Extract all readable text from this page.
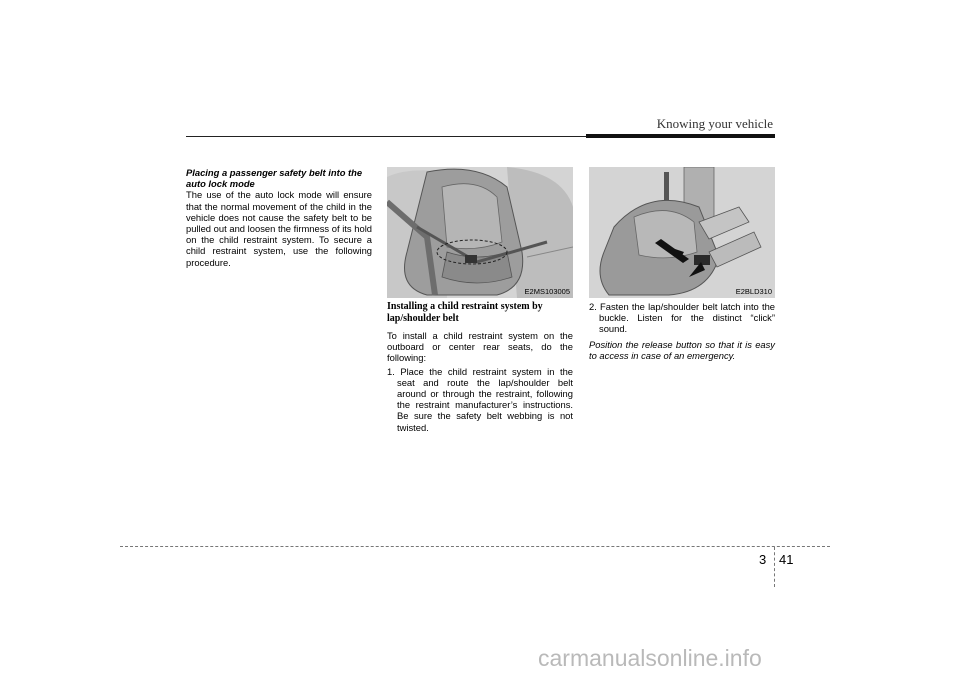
Knowing your vehicle

Placing a passenger safety belt into the auto lock mode

The use of the auto lock mode will ensure that the normal movement of the child in the vehicle does not cause the safety belt to be pulled out and loosen the firmness of its hold on the child restraint system. To secure a child restraint system, use the following procedure.

E2MS103005	E2BLD310

Installing a child restraint system by lap/shoulder belt

To install a child restraint system on the outboard or center rear seats, do the following:

1. Place the child restraint system in the seat and route the lap/shoulder belt around or through the restraint, following the restraint manufacturer’s instructions. Be sure the safety belt webbing is not twisted.

2. Fasten the lap/shoulder belt latch into the buckle. Listen for the distinct “click” sound.

Position the release button so that it is easy to access in case of an emergency.

3 41
carmanualsonline.info
